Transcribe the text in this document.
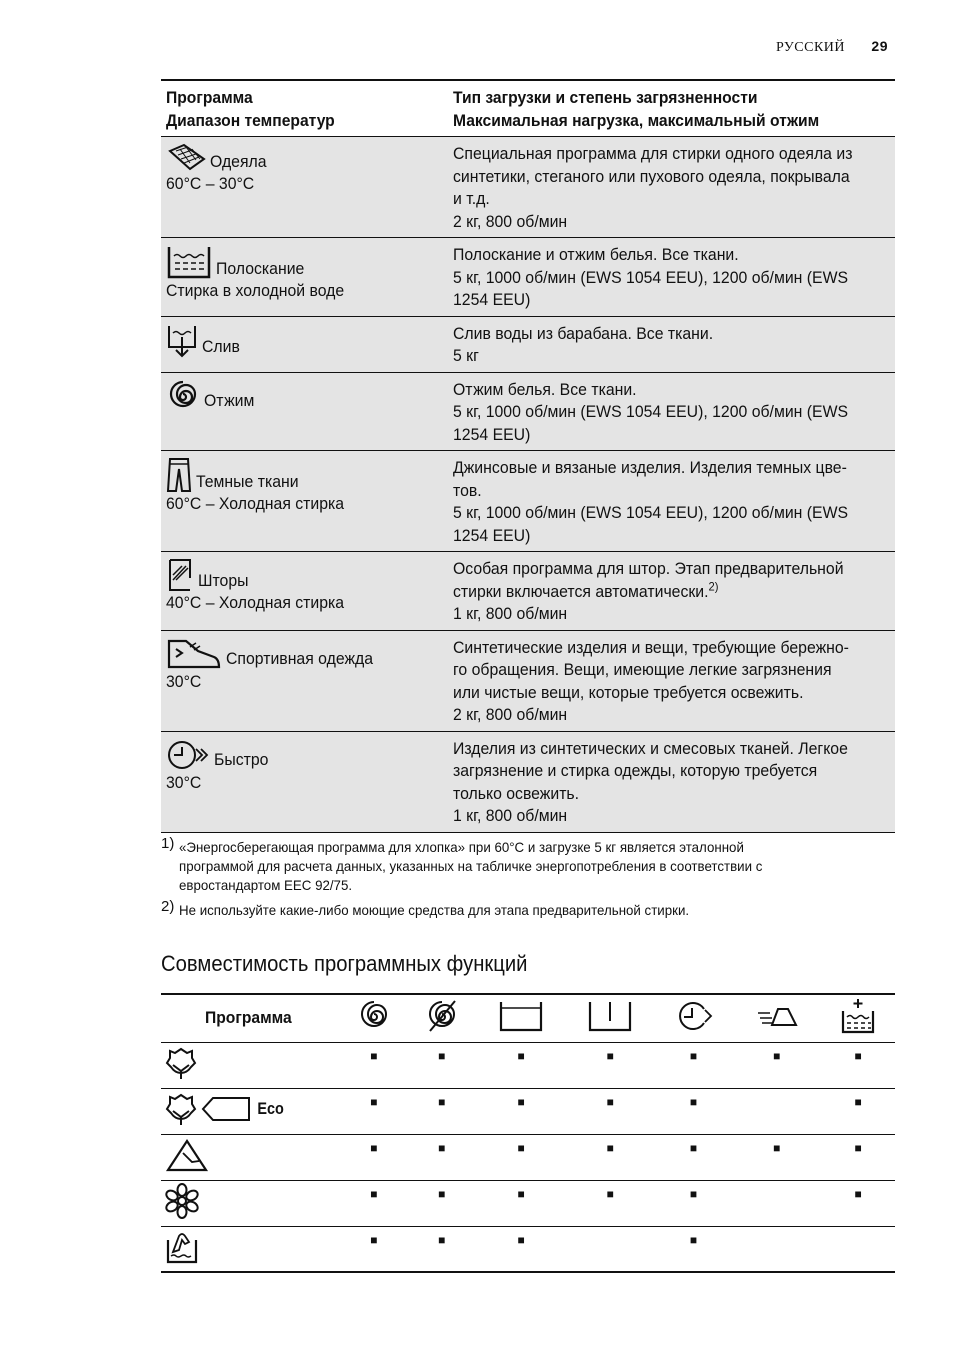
РУССКИЙ 29
Программа
Диапазон температур	Тип загрузки и степень загрязненности
Максимальная нагрузка, максимальный отжим

Одеяла
60°C – 30°C	Специальная программа для стирки одного одеяла из
синтетики, стеганого или пухового одеяла, покрывала
и т.д.
2 кг, 800 об/мин

Полоскание
Стирка в холодной воде	Полоскание и отжим белья. Все ткани.
5 кг, 1000 об/мин (EWS 1054 EEU), 1200 об/мин (EWS
1254 EEU)

Слив	Слив воды из барабана. Все ткани.
5 кг

Отжим	Отжим белья. Все ткани.
5 кг, 1000 об/мин (EWS 1054 EEU), 1200 об/мин (EWS
1254 EEU)

Темные ткани
60°C – Холодная стирка	Джинсовые и вязаные изделия. Изделия темных цве-
тов.
5 кг, 1000 об/мин (EWS 1054 EEU), 1200 об/мин (EWS
1254 EEU)

Шторы
40°C – Холодная стирка	Особая программа для штор. Этап предварительной
стирки включается автоматически.$^{2)}$
1 кг, 800 об/мин

Спортивная одежда
30°C	Синтетические изделия и вещи, требующие бережно-
го обращения. Вещи, имеющие легкие загрязнения
или чистые вещи, которые требуется освежить.
2 кг, 800 об/мин

Быстро
30°C	Изделия из синтетических и смесовых тканей. Легкое
загрязнение и стирка одежды, которую требуется
только освежить.
1 кг, 800 об/мин
1) «Энергосберегающая программа для хлопка» при 60°C и загрузке 5 кг является эталонной
программой для расчета данных, указанных на табличке энергопотребления в соответствии с
евростандартом EEC 92/75.
2) Не используйте какие-либо моющие средства для этапа предварительной стирки.
Совместимость программных функций
Программа							
	■	■	■	■	■	■	■

Eco	■	■	■	■	■		■
	■	■	■	■	■	■	■
	■	■	■	■	■		■
	■	■	■		■		
